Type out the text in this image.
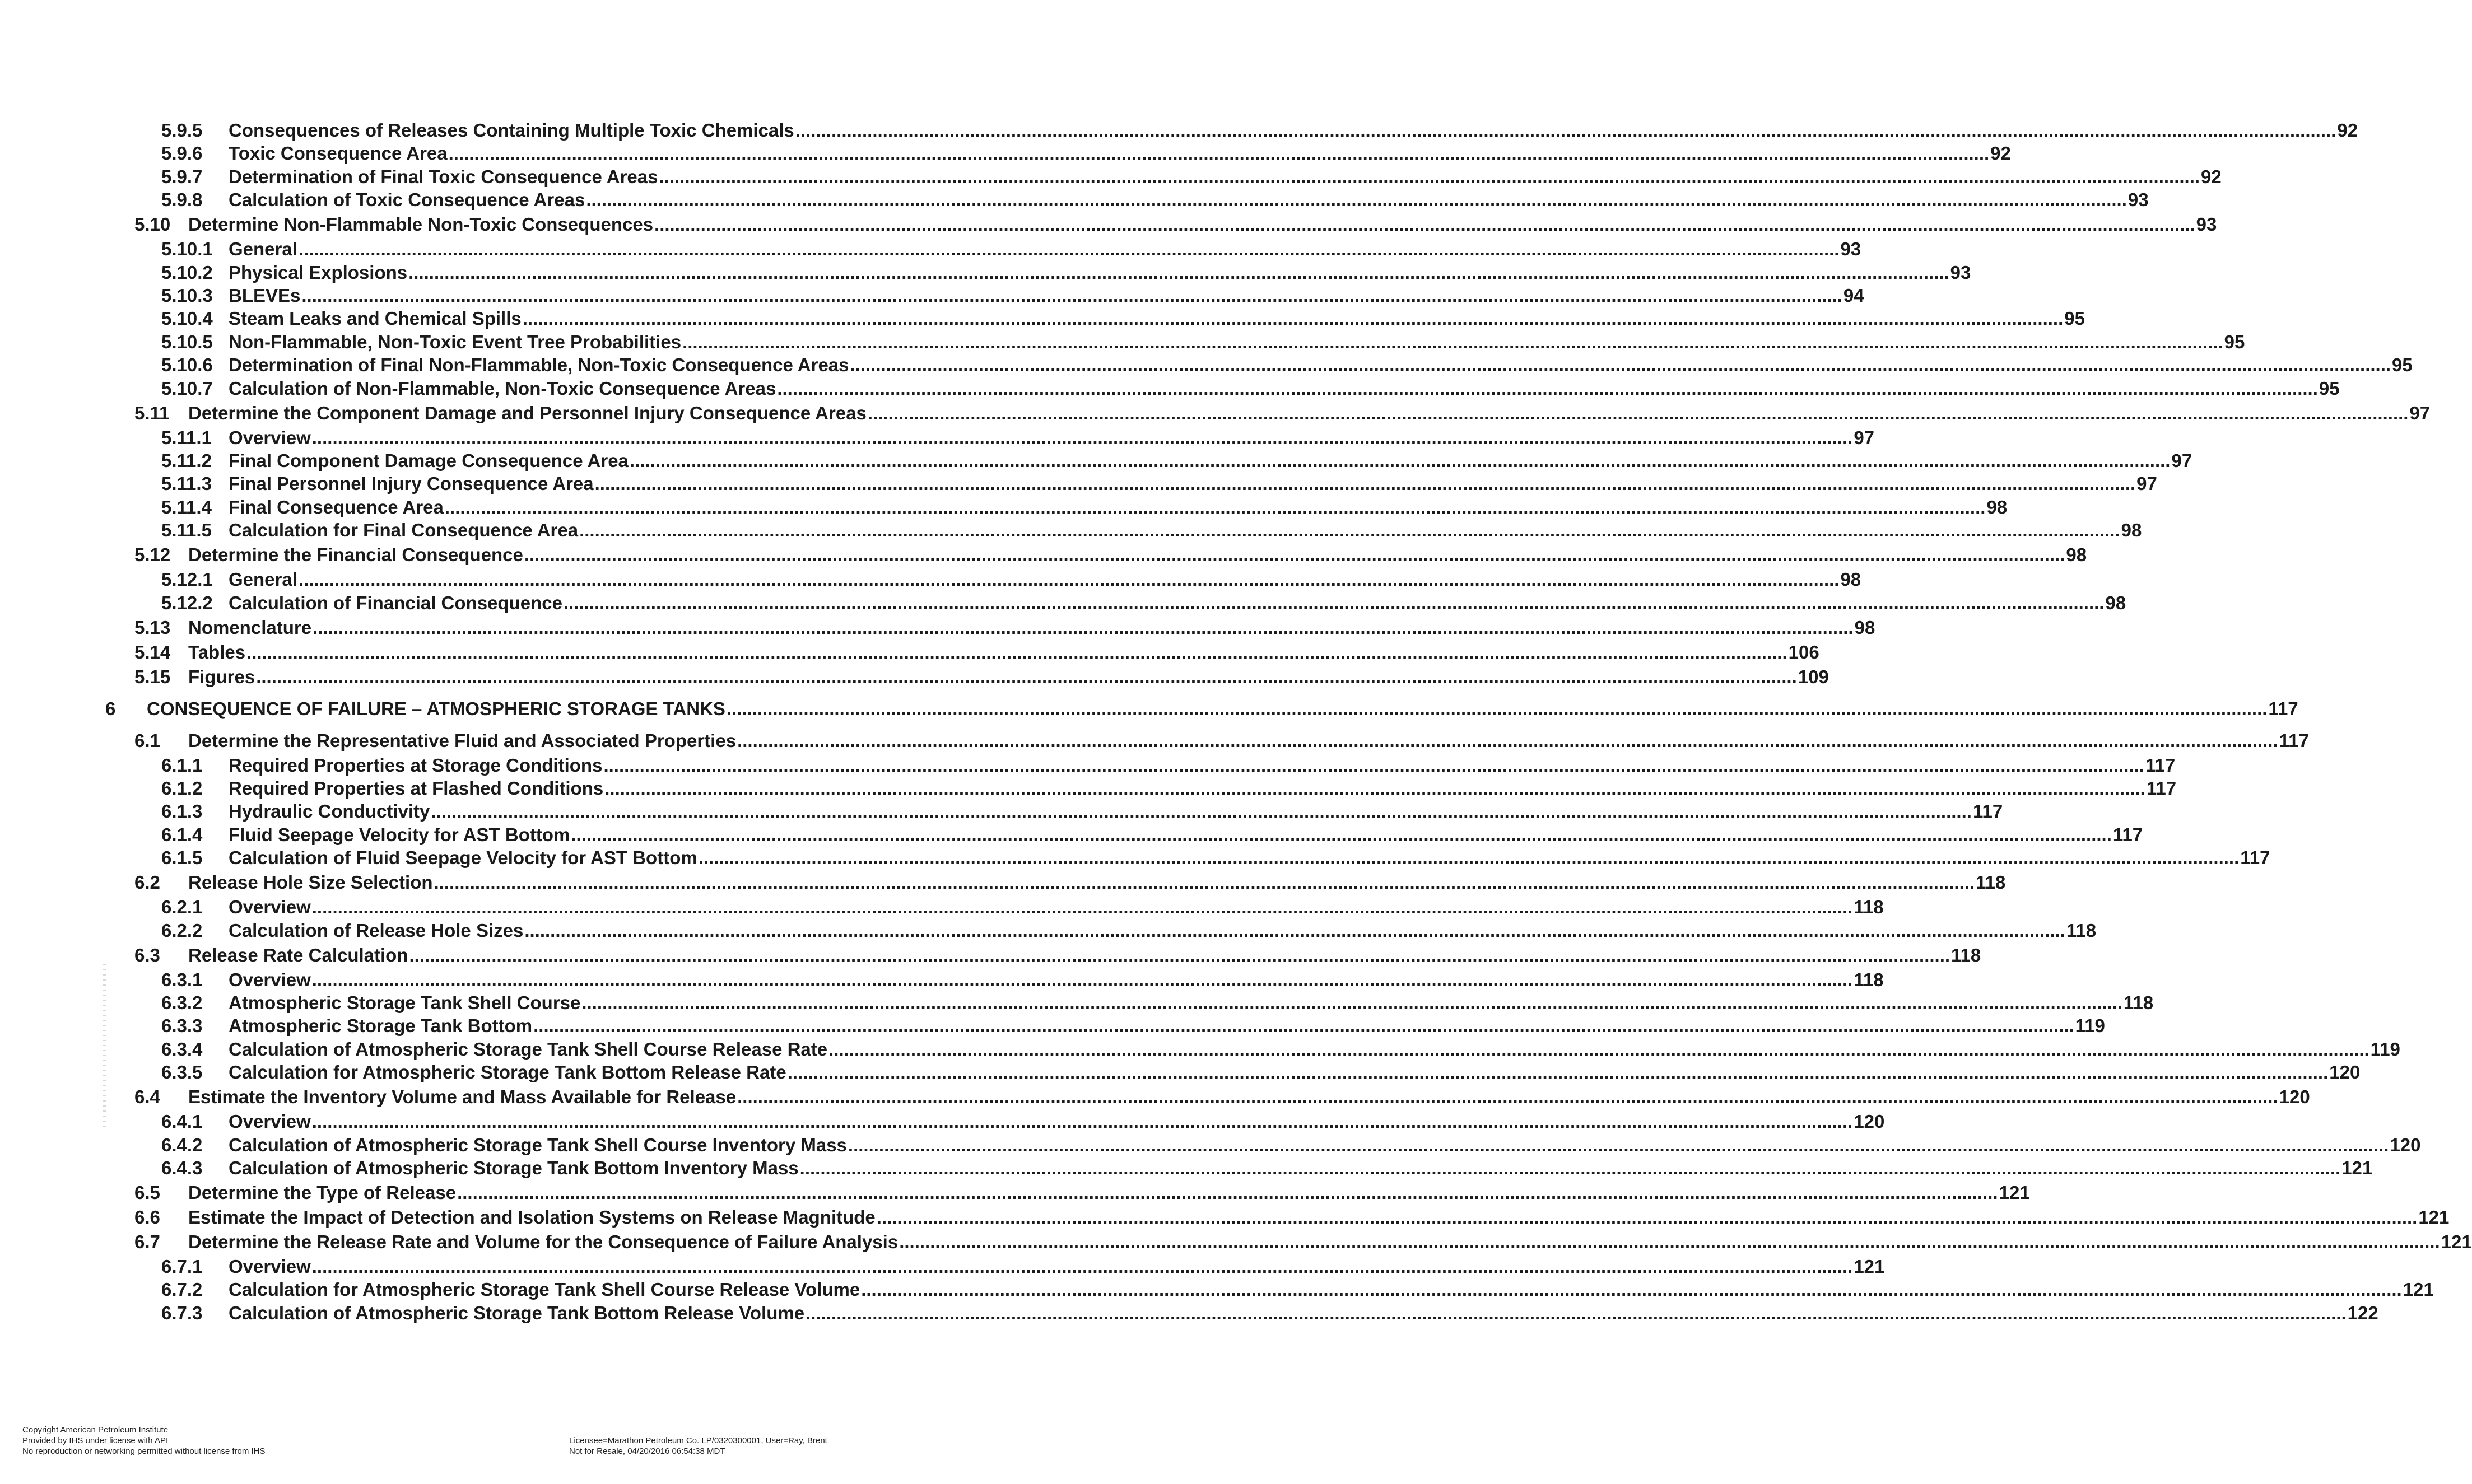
5.9.5	Consequences of Releases Containing Multiple Toxic Chemicals ............................................................................................................................................................................................................................................................................................................ 92
5.9.6	Toxic Consequence Area ............................................................................................................................................................................................................................................................................................................ 92
5.9.7	Determination of Final Toxic Consequence Areas ............................................................................................................................................................................................................................................................................................................ 92
5.9.8	Calculation of Toxic Consequence Areas ............................................................................................................................................................................................................................................................................................................ 93
5.10 Determine Non-Flammable Non-Toxic Consequences ............................................................................................................................................................................................................................................................................................................ 93
5.10.1 General ............................................................................................................................................................................................................................................................................................................ 93
5.10.2 Physical Explosions ............................................................................................................................................................................................................................................................................................................ 93
5.10.3 BLEVEs ............................................................................................................................................................................................................................................................................................................ 94
5.10.4 Steam Leaks and Chemical Spills ............................................................................................................................................................................................................................................................................................................ 95
5.10.5 Non-Flammable, Non-Toxic Event Tree Probabilities ............................................................................................................................................................................................................................................................................................................ 95
5.10.6 Determination of Final Non-Flammable, Non-Toxic Consequence Areas ............................................................................................................................................................................................................................................................................................................ 95
5.10.7 Calculation of Non-Flammable, Non-Toxic Consequence Areas ............................................................................................................................................................................................................................................................................................................ 95
5.11	Determine the Component Damage and Personnel Injury Consequence Areas ............................................................................................................................................................................................................................................................................................................ 97
5.11.1 Overview ............................................................................................................................................................................................................................................................................................................ 97
5.11.2 Final Component Damage Consequence Area ............................................................................................................................................................................................................................................................................................................ 97
5.11.3 Final Personnel Injury Consequence Area ............................................................................................................................................................................................................................................................................................................ 97
5.11.4 Final Consequence Area ............................................................................................................................................................................................................................................................................................................ 98
5.11.5 Calculation for Final Consequence Area ............................................................................................................................................................................................................................................................................................................ 98
5.12 Determine the Financial Consequence ............................................................................................................................................................................................................................................................................................................ 98
5.12.1 General ............................................................................................................................................................................................................................................................................................................ 98
5.12.2 Calculation of Financial Consequence ............................................................................................................................................................................................................................................................................................................ 98
5.13 Nomenclature ............................................................................................................................................................................................................................................................................................................ 98
5.14 Tables ............................................................................................................................................................................................................................................................................................................ 106
5.15 Figures ............................................................................................................................................................................................................................................................................................................ 109
6	CONSEQUENCE OF FAILURE – ATMOSPHERIC STORAGE TANKS ............................................................................................................................................................................................................................................................................................................ 117
6.1	Determine the Representative Fluid and Associated Properties ............................................................................................................................................................................................................................................................................................................ 117
6.1.1	Required Properties at Storage Conditions ............................................................................................................................................................................................................................................................................................................ 117
6.1.2	Required Properties at Flashed Conditions ............................................................................................................................................................................................................................................................................................................ 117
6.1.3	Hydraulic Conductivity ............................................................................................................................................................................................................................................................................................................ 117
6.1.4	Fluid Seepage Velocity for AST Bottom ............................................................................................................................................................................................................................................................................................................ 117
6.1.5	Calculation of Fluid Seepage Velocity for AST Bottom ............................................................................................................................................................................................................................................................................................................ 117
6.2	Release Hole Size Selection ............................................................................................................................................................................................................................................................................................................ 118
6.2.1	Overview ............................................................................................................................................................................................................................................................................................................ 118
6.2.2	Calculation of Release Hole Sizes ............................................................................................................................................................................................................................................................................................................ 118
6.3	Release Rate Calculation ............................................................................................................................................................................................................................................................................................................ 118
6.3.1	Overview ............................................................................................................................................................................................................................................................................................................ 118
6.3.2	Atmospheric Storage Tank Shell Course ............................................................................................................................................................................................................................................................................................................ 118
6.3.3	Atmospheric Storage Tank Bottom ............................................................................................................................................................................................................................................................................................................ 119
6.3.4	Calculation of Atmospheric Storage Tank Shell Course Release Rate ............................................................................................................................................................................................................................................................................................................ 119
6.3.5	Calculation for Atmospheric Storage Tank Bottom Release Rate ............................................................................................................................................................................................................................................................................................................ 120
6.4	Estimate the Inventory Volume and Mass Available for Release ............................................................................................................................................................................................................................................................................................................ 120
6.4.1	Overview ............................................................................................................................................................................................................................................................................................................ 120
6.4.2	Calculation of Atmospheric Storage Tank Shell Course Inventory Mass ............................................................................................................................................................................................................................................................................................................ 120
6.4.3	Calculation of Atmospheric Storage Tank Bottom Inventory Mass ............................................................................................................................................................................................................................................................................................................ 121
6.5	Determine the Type of Release ............................................................................................................................................................................................................................................................................................................ 121
6.6	Estimate the Impact of Detection and Isolation Systems on Release Magnitude ............................................................................................................................................................................................................................................................................................................ 121
6.7	Determine the Release Rate and Volume for the Consequence of Failure Analysis ............................................................................................................................................................................................................................................................................................................ 121
6.7.1	Overview ............................................................................................................................................................................................................................................................................................................ 121
6.7.2	Calculation for Atmospheric Storage Tank Shell Course Release Volume ............................................................................................................................................................................................................................................................................................................ 121
6.7.3	Calculation of Atmospheric Storage Tank Bottom Release Volume ............................................................................................................................................................................................................................................................................................................ 122
Copyright American Petroleum Institute
Provided by IHS under license with API
No reproduction or networking permitted without license from IHS
Licensee=Marathon Petroleum Co. LP/0320300001, User=Ray, Brent
Not for Resale, 04/20/2016 06:54:38 MDT
